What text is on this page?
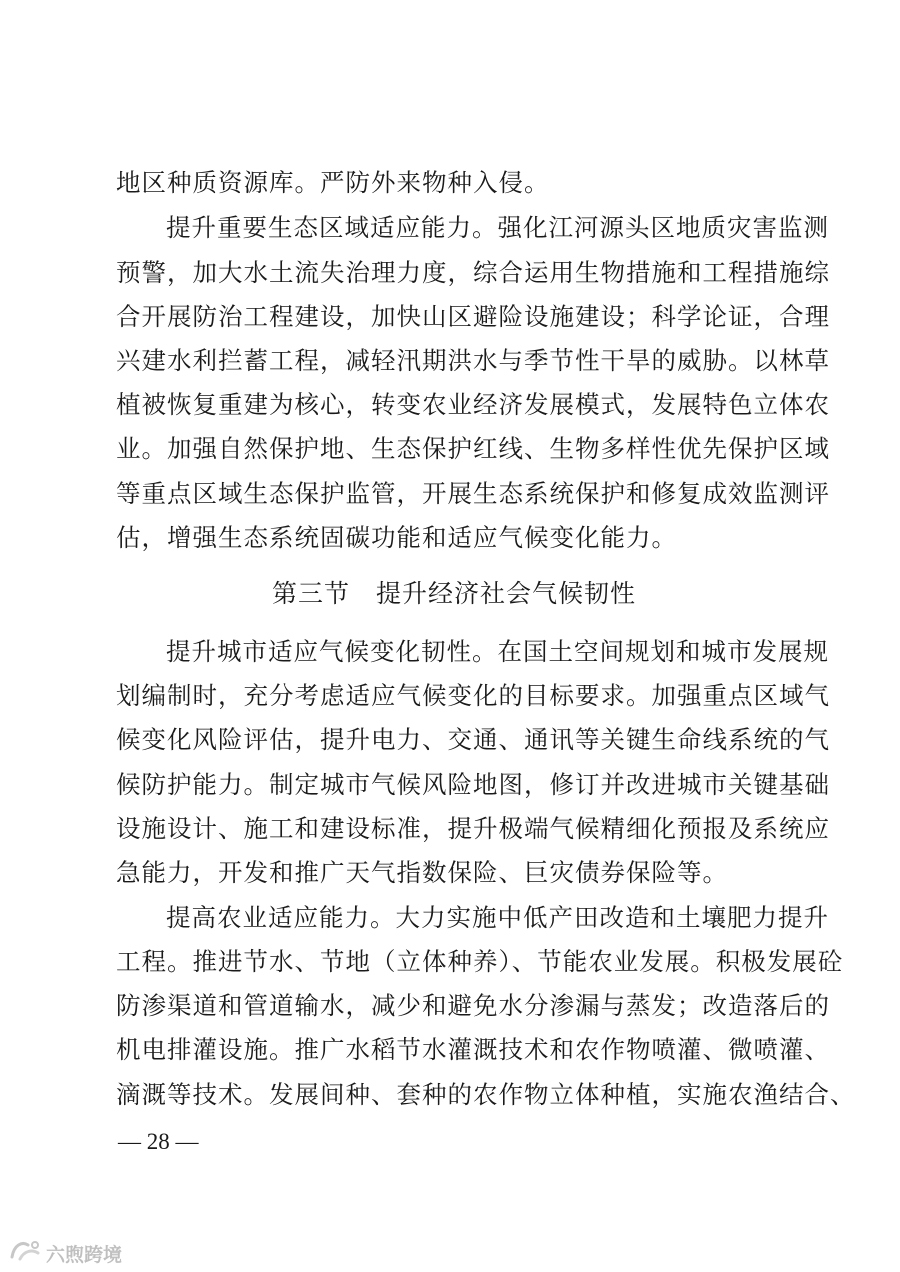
地区种质资源库。严防外来物种入侵。
提升重要生态区域适应能力。强化江河源头区地质灾害监测
预警，加大水土流失治理力度，综合运用生物措施和工程措施综
合开展防治工程建设，加快山区避险设施建设；科学论证，合理
兴建水利拦蓄工程，减轻汛期洪水与季节性干旱的威胁。以林草
植被恢复重建为核心，转变农业经济发展模式，发展特色立体农
业。加强自然保护地、生态保护红线、生物多样性优先保护区域
等重点区域生态保护监管，开展生态系统保护和修复成效监测评
估，增强生态系统固碳功能和适应气候变化能力。
第三节　提升经济社会气候韧性
提升城市适应气候变化韧性。在国土空间规划和城市发展规
划编制时，充分考虑适应气候变化的目标要求。加强重点区域气
候变化风险评估，提升电力、交通、通讯等关键生命线系统的气
候防护能力。制定城市气候风险地图，修订并改进城市关键基础
设施设计、施工和建设标准，提升极端气候精细化预报及系统应
急能力，开发和推广天气指数保险、巨灾债券保险等。
提高农业适应能力。大力实施中低产田改造和土壤肥力提升
工程。推进节水、节地（立体种养）、节能农业发展。积极发展砼
防渗渠道和管道输水，减少和避免水分渗漏与蒸发；改造落后的
机电排灌设施。推广水稻节水灌溉技术和农作物喷灌、微喷灌、
滴溉等技术。发展间种、套种的农作物立体种植，实施农渔结合、
— 28 —
六煦跨境
